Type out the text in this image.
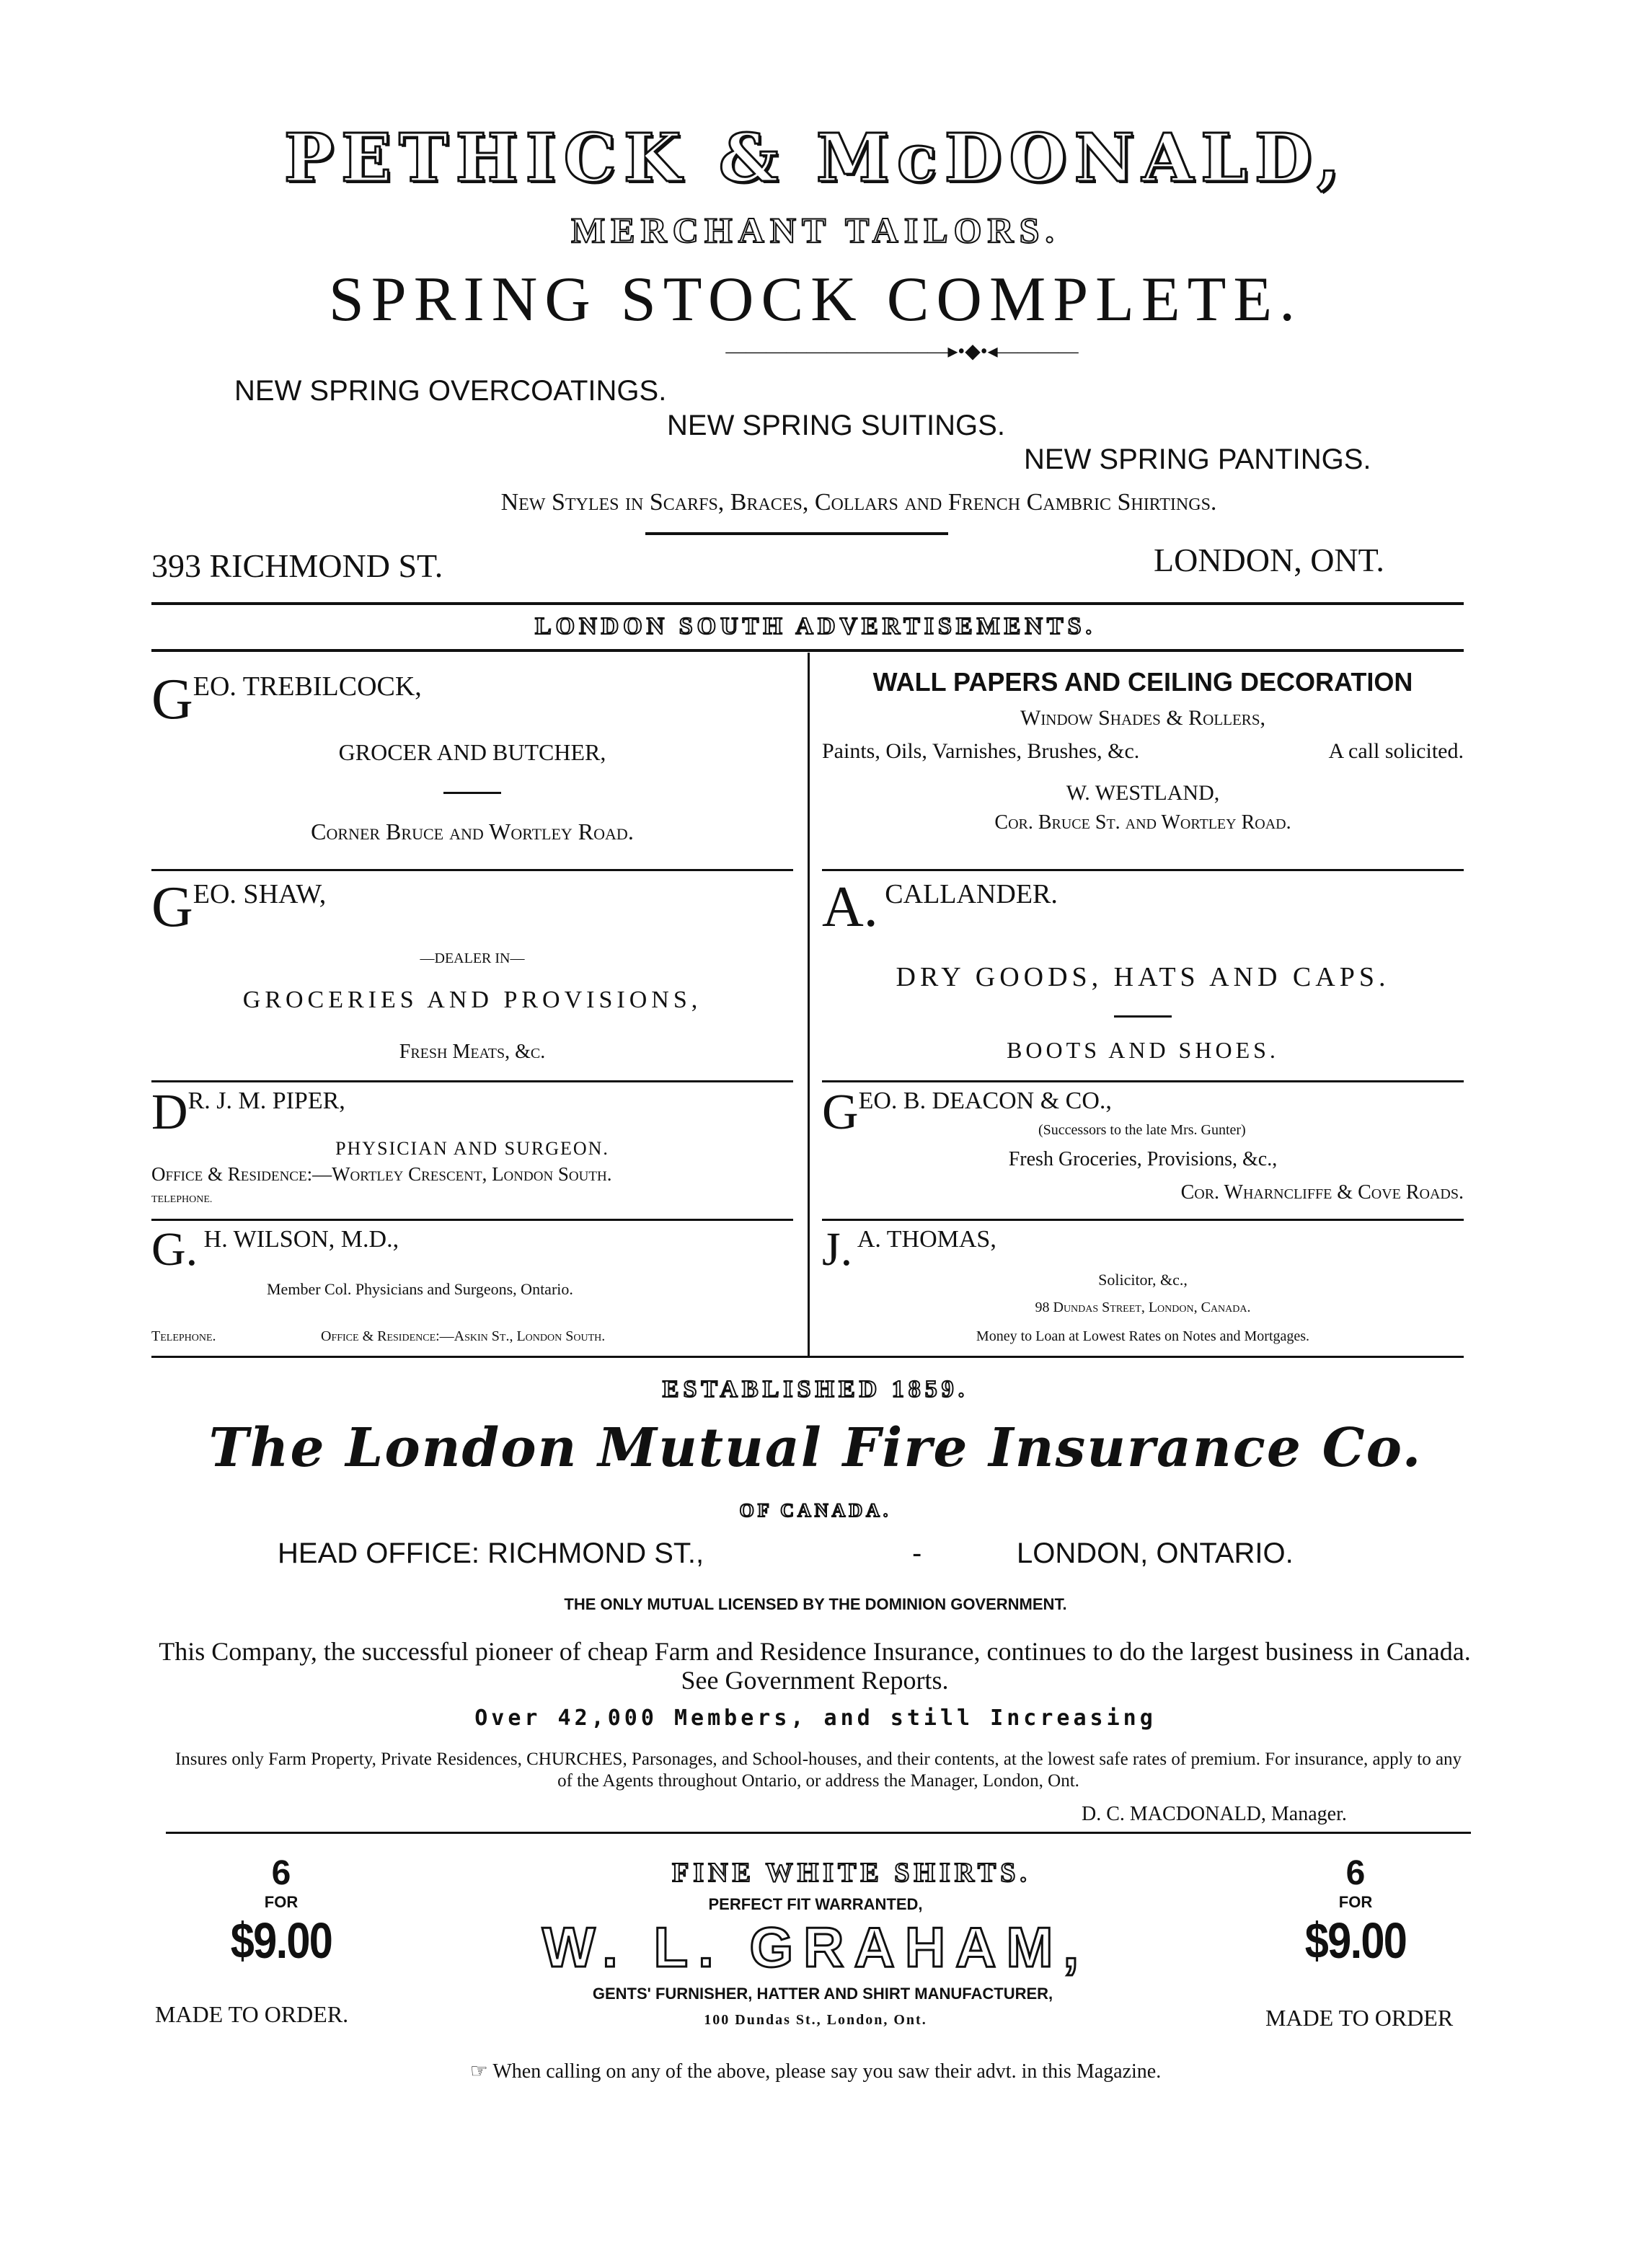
PETHICK & McDONALD,
MERCHANT TAILORS.
SPRING STOCK COMPLETE.
———————————▸•◆•◂————
NEW SPRING OVERCOATINGS.
NEW SPRING SUITINGS.
NEW SPRING PANTINGS.
New Styles in Scarfs, Braces, Collars and French Cambric Shirtings.
393 RICHMOND ST.	LONDON, ONT.
LONDON SOUTH ADVERTISEMENTS.
GEO. TREBILCOCK,
GROCER AND BUTCHER,
Corner Bruce and Wortley Road.
WALL PAPERS AND CEILING DECORATION
Window Shades & Rollers,
Paints, Oils, Varnishes, Brushes, &c.	A call solicited.
W. WESTLAND,
Cor. Bruce St. and Wortley Road.
GEO. SHAW,
—DEALER IN—
GROCERIES AND PROVISIONS,
Fresh Meats, &c.
A. CALLANDER.
DRY GOODS, HATS AND CAPS.
BOOTS AND SHOES.
DR. J. M. PIPER,
PHYSICIAN AND SURGEON.
Office & Residence:—Wortley Crescent, London South.
TELEPHONE.
GEO. B. DEACON & CO.,
(Successors to the late Mrs. Gunter)
Fresh Groceries, Provisions, &c.,
Cor. Wharncliffe & Cove Roads.
G. H. WILSON, M.D.,
Member Col. Physicians and Surgeons, Ontario.
Telephone.	Office & Residence:—Askin St., London South.
J. A. THOMAS,
Solicitor, &c.,
98 Dundas Street, London, Canada.
Money to Loan at Lowest Rates on Notes and Mortgages.
ESTABLISHED 1859.
The London Mutual Fire Insurance Co.
OF CANADA.
HEAD OFFICE: RICHMOND ST.,	-	LONDON, ONTARIO.
THE ONLY MUTUAL LICENSED BY THE DOMINION GOVERNMENT.
This Company, the successful pioneer of cheap Farm and Residence Insurance, continues to do the largest business in Canada. See Government Reports.
Over 42,000 Members, and still Increasing
Insures only Farm Property, Private Residences, CHURCHES, Parsonages, and School-houses, and their contents, at the lowest safe rates of premium. For insurance, apply to any of the Agents throughout Ontario, or address the Manager, London, Ont.
D. C. MACDONALD, Manager.
6
FOR
$9.00
MADE TO ORDER.
6
FOR
$9.00
MADE TO ORDER
FINE WHITE SHIRTS.
PERFECT FIT WARRANTED,
W. L. GRAHAM,
GENTS' FURNISHER, HATTER AND SHIRT MANUFACTURER,
100 Dundas St., London, Ont.
☞ When calling on any of the above, please say you saw their advt. in this Magazine.
